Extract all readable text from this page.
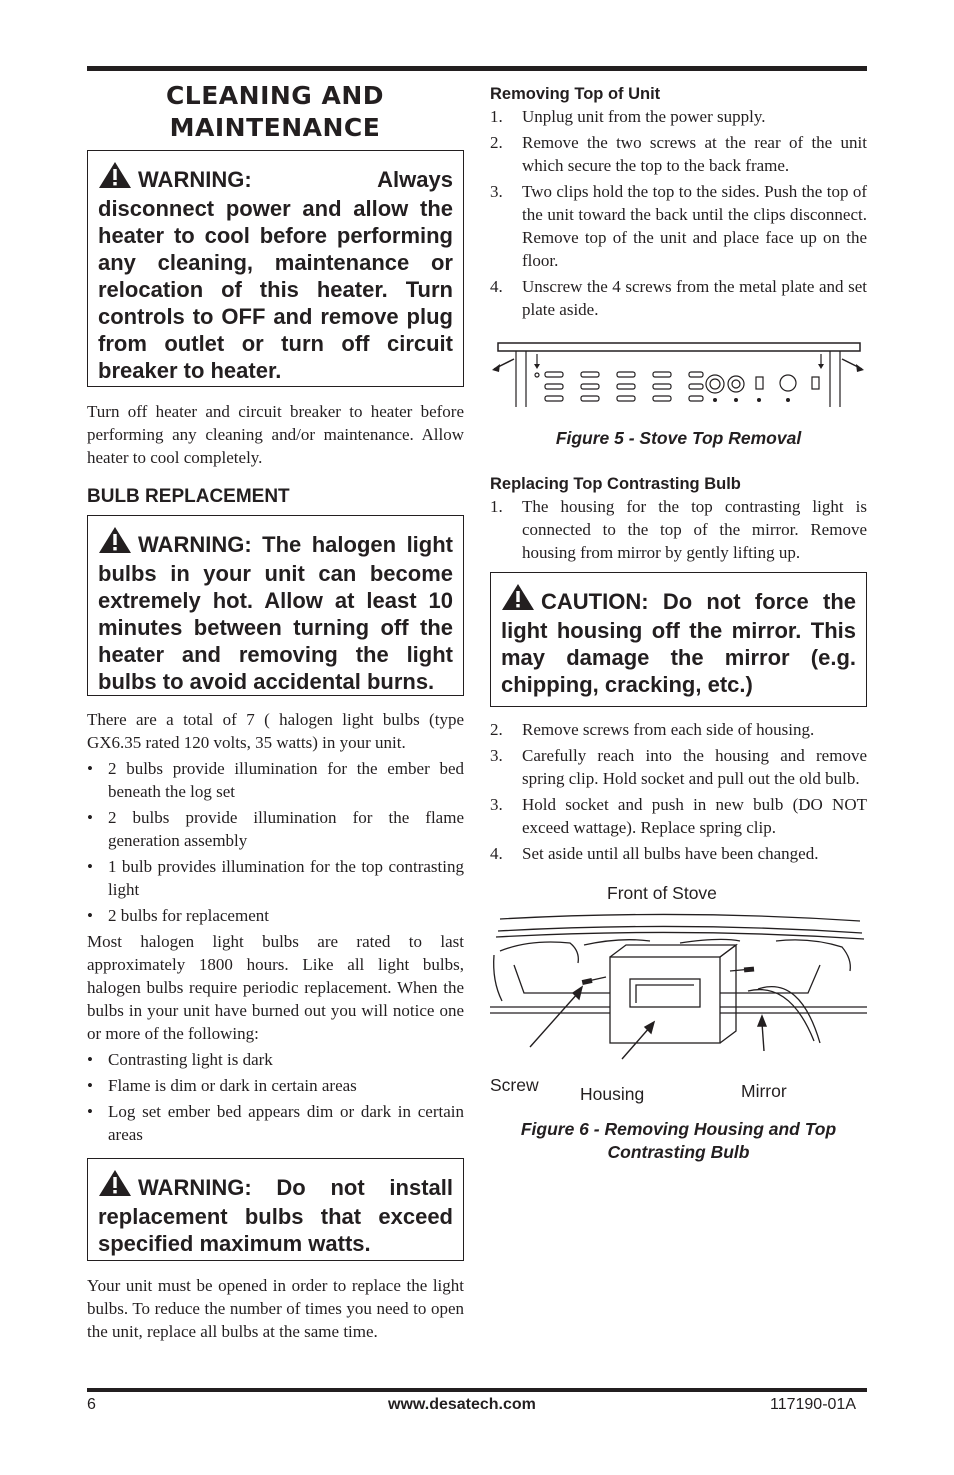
CLEANING AND MAINTENANCE
WARNING: Always disconnect power and allow the heater to cool before performing any cleaning, maintenance or relocation of this heater. Turn controls to OFF and remove plug from outlet or turn off circuit breaker to heater.

Turn off heater and circuit breaker to heater before performing any cleaning and/or maintenance. Allow heater to cool completely.

BULB REPLACEMENT
WARNING: The halogen light bulbs in your unit can become extremely hot. Allow at least 10 minutes between turning off the heater and removing the light bulbs to avoid accidental burns.

There are a total of 7 ( halogen light bulbs (type GX6.35 rated 120 volts, 35 watts) in your unit.

• 2 bulbs provide illumination for the ember bed beneath the log set
• 2 bulbs provide illumination for the flame generation assembly
• 1 bulb provides illumination for the top contrasting light
• 2 bulbs for replacement

Most halogen light bulbs are rated to last approximately 1800 hours. Like all light bulbs, halogen bulbs require periodic replacement. When the bulbs in your unit have burned out you will notice one or more of the following:

• Contrasting light is dark
• Flame is dim or dark in certain areas
• Log set ember bed appears dim or dark in certain areas
WARNING: Do not install replacement bulbs that exceed specified maximum watts.

Your unit must be opened in order to replace the light bulbs. To reduce the number of times you need to open the unit, replace all bulbs at the same time.

Removing Top of Unit
1. Unplug unit from the power supply.
2. Remove the two screws at the rear of the unit which secure the top to the back frame.
3. Two clips hold the top to the sides. Push the top of the unit toward the back until the clips disconnect. Remove top of the unit and place face up on the floor.
4. Unscrew the 4 screws from the metal plate and set plate aside.
Figure 5 - Stove Top Removal
Replacing Top Contrasting Bulb
1. The housing for the top contrasting light is connected to the top of the mirror. Remove housing from mirror by gently lifting up.
CAUTION: Do not force the light housing off the mirror. This may damage the mirror (e.g. chipping, cracking, etc.)
2. Remove screws from each side of housing.
3. Carefully reach into the housing and remove spring clip. Hold socket and pull out the old bulb.
3. Hold socket and push in new bulb (DO NOT exceed wattage). Replace spring clip.
4. Set aside until all bulbs have been changed.
Front of Stove
Screw Housing	Mirror
Figure 6 - Removing Housing and Top
Contrasting Bulb
6	www.desatech.com	117190-01A
